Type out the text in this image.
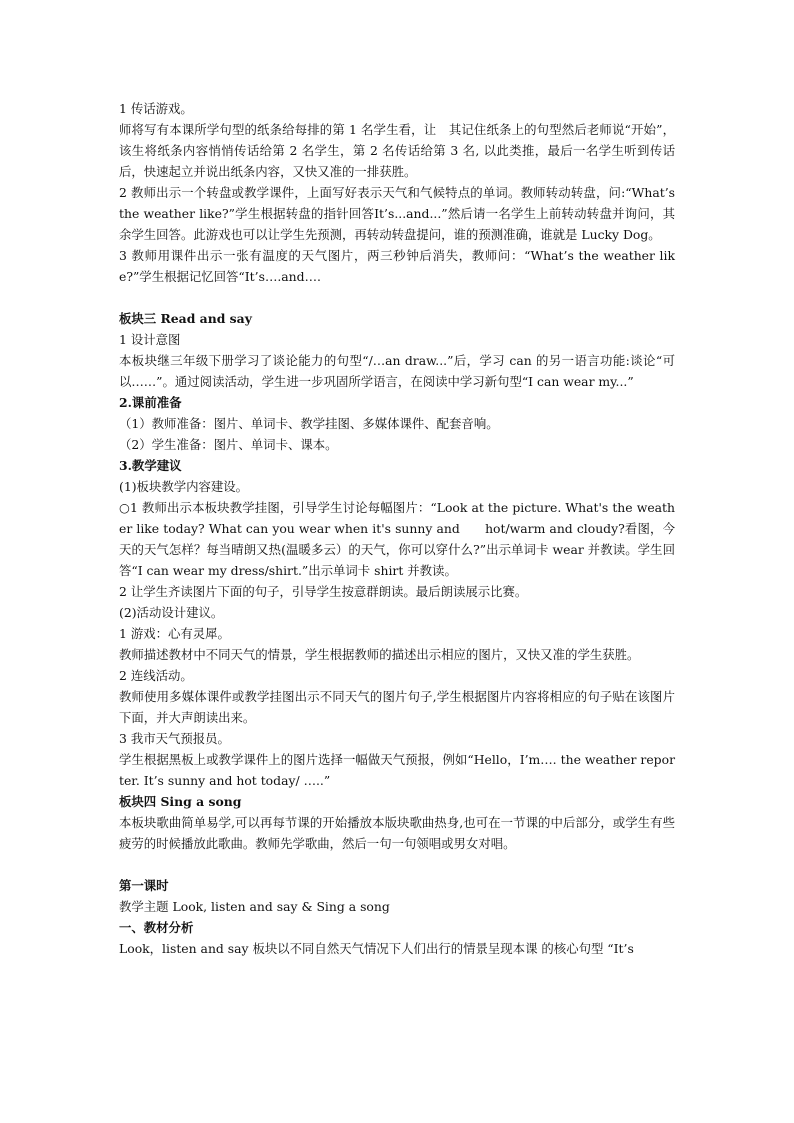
1 传话游戏。

师将写有本课所学句型的纸条给每排的第 1 名学生看，让　其记住纸条上的句型然后老师说“开始”，该生将纸条内容悄悄传话给第 2 名学生，第 2 名传话给第 3 名, 以此类推，最后一名学生听到传话后，快速起立并说出纸条内容，又快又准的一排获胜。

2 教师出示一个转盘或教学课件，上面写好表示天气和气候特点的单词。教师转动转盘，问:“What’s the weather like?”学生根据转盘的指针回答It’s...and...”然后请一名学生上前转动转盘并询问，其余学生回答。此游戏也可以让学生先预测，再转动转盘提问，谁的预测准确，谁就是 Lucky Dog。

3 教师用课件出示一张有温度的天气图片，两三秒钟后消失，教师问：“What’s the weather like?”学生根据记忆回答“It’s….and….

板块三 Read and say

1 设计意图

本板块继三年级下册学习了谈论能力的句型“/…an draw...”后，学习 can 的另一语言功能:谈论“可以……”。通过阅读活动，学生进一步巩固所学语言，在阅读中学习新句型“I can wear my...”

2.课前准备

（1）教师准备：图片、单词卡、教学挂图、多媒体课件、配套音响。

（2）学生准备：图片、单词卡、课本。

3.教学建议

(1)板块教学内容建设。

○1 教师出示本板块教学挂图，引导学生讨论每幅图片：“Look at the picture. What's the weather like today? What can you wear when it's sunny and　　hot/warm and cloudy?看图，今天的天气怎样？每当晴朗又热(温暖多云）的天气，你可以穿什么?”出示单词卡 wear 并教读。学生回答“I can wear my dress/shirt.”出示单词卡 shirt 并教读。

2 让学生齐读图片下面的句子，引导学生按意群朗读。最后朗读展示比赛。

(2)活动设计建议。

1 游戏：心有灵犀。

教师描述教材中不同天气的情景，学生根据教师的描述出示相应的图片，又快又准的学生获胜。

2 连线活动。

教师使用多媒体课件或教学挂图出示不同天气的图片句子,学生根据图片内容将相应的句子贴在该图片下面，并大声朗读出来。

3 我市天气预报员。

学生根据黑板上或教学课件上的图片选择一幅做天气预报，例如“Hello，I’m…. the weather reporter. It’s sunny and hot today/ …..”

板块四 Sing a song

本板块歌曲简单易学,可以再每节课的开始播放本版块歌曲热身,也可在一节课的中后部分，或学生有些疲劳的时候播放此歌曲。教师先学歌曲，然后一句一句领唱或男女对唱。

第一课时

教学主题 Look, listen and say & Sing a song

一、教材分析

Look，listen and say 板块以不同自然天气情况下人们出行的情景呈现本课 的核心句型 “It’s
